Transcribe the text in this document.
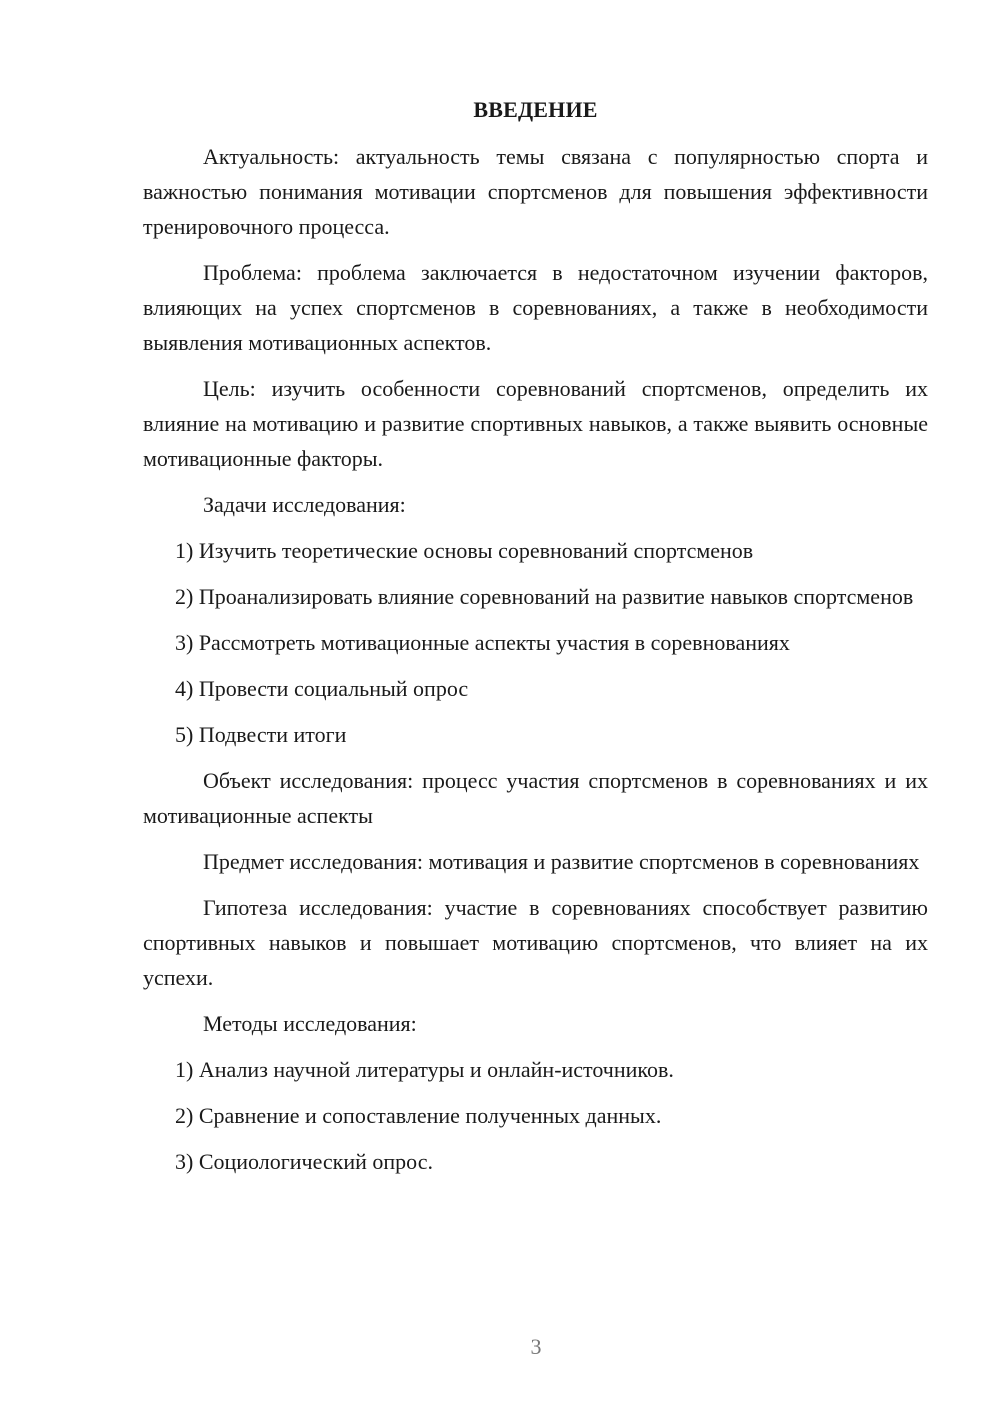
ВВЕДЕНИЕ

Актуальность: актуальность темы связана с популярностью спорта и важностью понимания мотивации спортсменов для повышения эффективности тренировочного процесса.

Проблема: проблема заключается в недостаточном изучении факторов, влияющих на успех спортсменов в соревнованиях, а также в необходимости выявления мотивационных аспектов.

Цель: изучить особенности соревнований спортсменов, определить их влияние на мотивацию и развитие спортивных навыков, а также выявить основные мотивационные факторы.

Задачи исследования:

1) Изучить теоретические основы соревнований спортсменов

2) Проанализировать влияние соревнований на развитие навыков спортсменов

3) Рассмотреть мотивационные аспекты участия в соревнованиях

4) Провести социальный опрос

5) Подвести итоги

Объект исследования: процесс участия спортсменов в соревнованиях и их мотивационные аспекты

Предмет исследования: мотивация и развитие спортсменов в соревнованиях

Гипотеза исследования: участие в соревнованиях способствует развитию спортивных навыков и повышает мотивацию спортсменов, что влияет на их успехи.

Методы исследования:

1) Анализ научной литературы и онлайн-источников.

2) Сравнение и сопоставление полученных данных.

3) Социологический опрос.

3
